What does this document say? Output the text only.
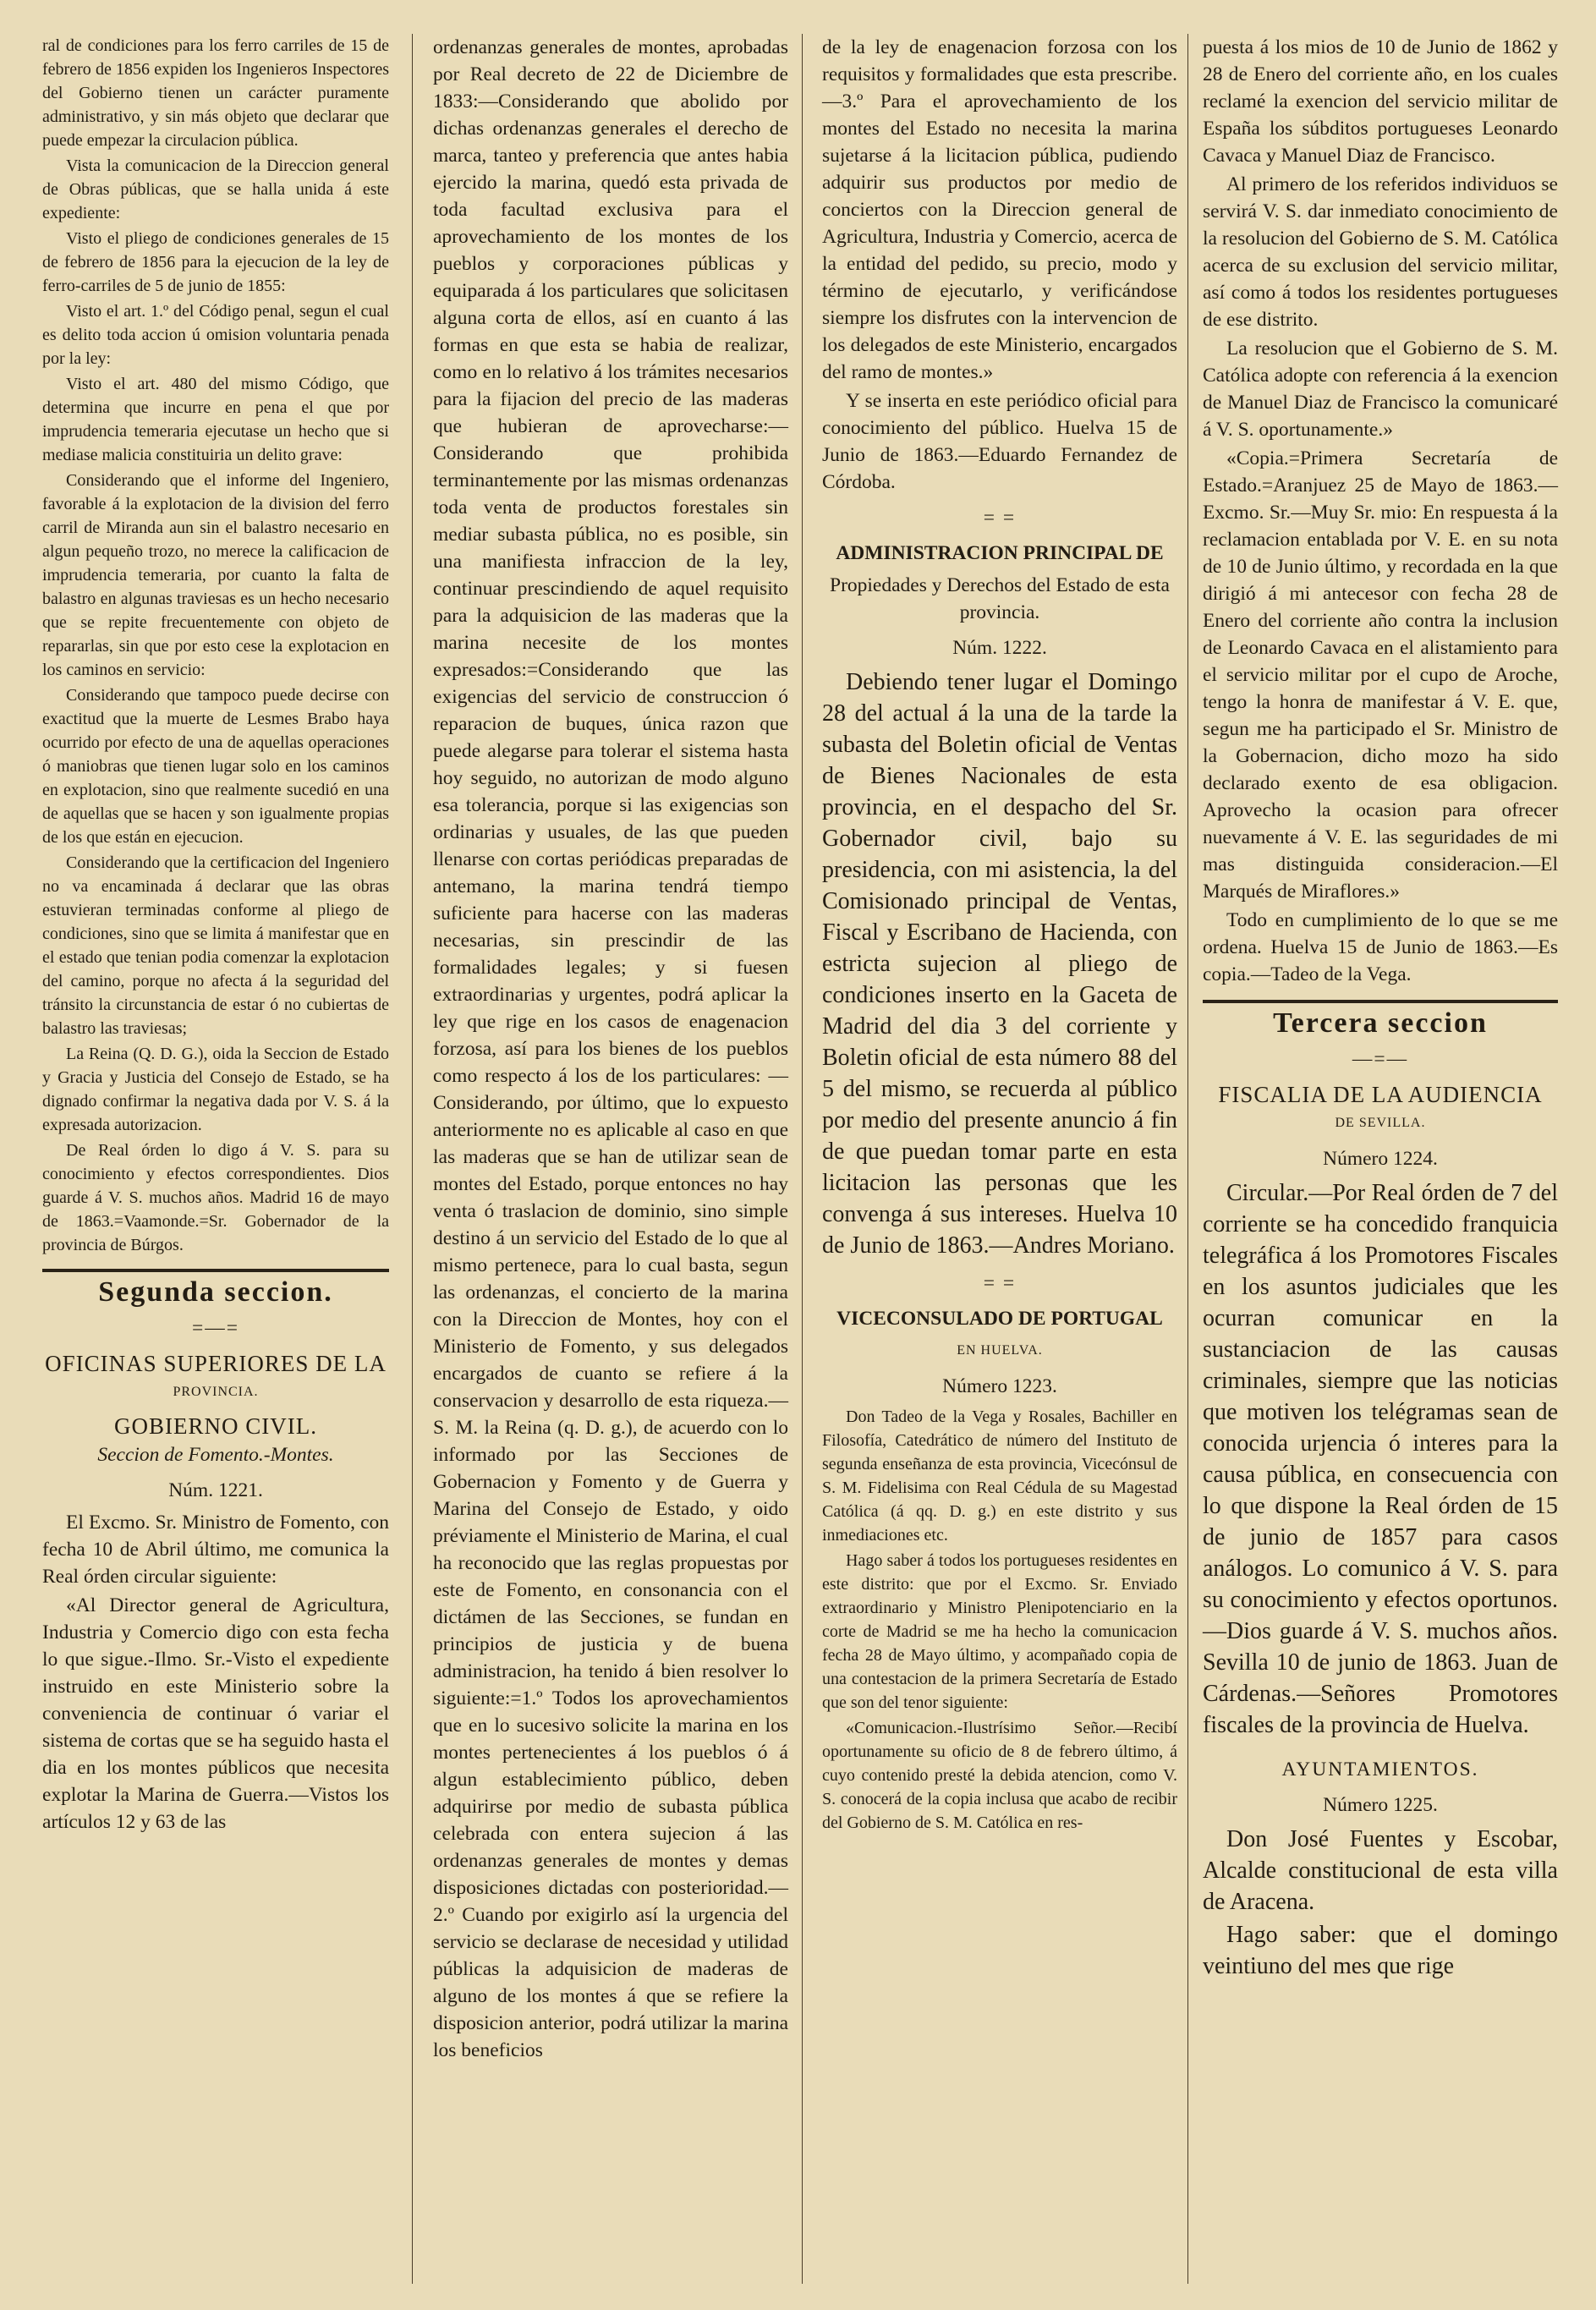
ral de condiciones para los ferro carriles de 15 de febrero de 1856 expiden los Ingenieros Inspectores del Gobierno tienen un carácter puramente administrativo, y sin más objeto que declarar que puede empezar la circulacion pública.

Vista la comunicacion de la Direccion general de Obras públicas, que se halla unida á este expediente:

Visto el pliego de condiciones generales de 15 de febrero de 1856 para la ejecucion de la ley de ferro-carriles de 5 de junio de 1855:

Visto el art. 1.º del Código penal, segun el cual es delito toda accion ú omision voluntaria penada por la ley:

Visto el art. 480 del mismo Código, que determina que incurre en pena el que por imprudencia temeraria ejecutase un hecho que si mediase malicia constituiria un delito grave:

Considerando que el informe del Ingeniero, favorable á la explotacion de la division del ferro carril de Miranda aun sin el balastro necesario en algun pequeño trozo, no merece la calificacion de imprudencia temeraria, por cuanto la falta de balastro en algunas traviesas es un hecho necesario que se repite frecuentemente con objeto de repararlas, sin que por esto cese la explotacion en los caminos en servicio:

Considerando que tampoco puede decirse con exactitud que la muerte de Lesmes Brabo haya ocurrido por efecto de una de aquellas operaciones ó maniobras que tienen lugar solo en los caminos en explotacion, sino que realmente sucedió en una de aquellas que se hacen y son igualmente propias de los que están en ejecucion.

Considerando que la certificacion del Ingeniero no va encaminada á declarar que las obras estuvieran terminadas conforme al pliego de condiciones, sino que se limita á manifestar que en el estado que tenian podia comenzar la explotacion del camino, porque no afecta á la seguridad del tránsito la circunstancia de estar ó no cubiertas de balastro las traviesas;

La Reina (Q. D. G.), oida la Seccion de Estado y Gracia y Justicia del Consejo de Estado, se ha dignado confirmar la negativa dada por V. S. á la expresada autorizacion.

De Real órden lo digo á V. S. para su conocimiento y efectos correspondientes. Dios guarde á V. S. muchos años. Madrid 16 de mayo de 1863.=Vaamonde.=Sr. Gobernador de la provincia de Búrgos.

Segunda seccion.
=—=
OFICINAS SUPERIORES DE LA
PROVINCIA.
GOBIERNO CIVIL.
Seccion de Fomento.-Montes.
Núm. 1221.

El Excmo. Sr. Ministro de Fomento, con fecha 10 de Abril último, me comunica la Real órden circular siguiente:

«Al Director general de Agricultura, Industria y Comercio digo con esta fecha lo que sigue.-Ilmo. Sr.-Visto el expediente instruido en este Ministerio sobre la conveniencia de continuar ó variar el sistema de cortas que se ha seguido hasta el dia en los montes públicos que necesita explotar la Marina de Guerra.—Vistos los artículos 12 y 63 de las

ordenanzas generales de montes, aprobadas por Real decreto de 22 de Diciembre de 1833:—Considerando que abolido por dichas ordenanzas generales el derecho de marca, tanteo y preferencia que antes habia ejercido la marina, quedó esta privada de toda facultad exclusiva para el aprovechamiento de los montes de los pueblos y corporaciones públicas y equiparada á los particulares que solicitasen alguna corta de ellos, así en cuanto á las formas en que esta se habia de realizar, como en lo relativo á los trámites necesarios para la fijacion del precio de las maderas que hubieran de aprovecharse:—Considerando que prohibida terminantemente por las mismas ordenanzas toda venta de productos forestales sin mediar subasta pública, no es posible, sin una manifiesta infraccion de la ley, continuar prescindiendo de aquel requisito para la adquisicion de las maderas que la marina necesite de los montes expresados:=Considerando que las exigencias del servicio de construccion ó reparacion de buques, única razon que puede alegarse para tolerar el sistema hasta hoy seguido, no autorizan de modo alguno esa tolerancia, porque si las exigencias son ordinarias y usuales, de las que pueden llenarse con cortas periódicas preparadas de antemano, la marina tendrá tiempo suficiente para hacerse con las maderas necesarias, sin prescindir de las formalidades legales; y si fuesen extraordinarias y urgentes, podrá aplicar la ley que rige en los casos de enagenacion forzosa, así para los bienes de los pueblos como respecto á los de los particulares: —Considerando, por último, que lo expuesto anteriormente no es aplicable al caso en que las maderas que se han de utilizar sean de montes del Estado, porque entonces no hay venta ó traslacion de dominio, sino simple destino á un servicio del Estado de lo que al mismo pertenece, para lo cual basta, segun las ordenanzas, el concierto de la marina con la Direccion de Montes, hoy con el Ministerio de Fomento, y sus delegados encargados de cuanto se refiere á la conservacion y desarrollo de esta riqueza.—S. M. la Reina (q. D. g.), de acuerdo con lo informado por las Secciones de Gobernacion y Fomento y de Guerra y Marina del Consejo de Estado, y oido préviamente el Ministerio de Marina, el cual ha reconocido que las reglas propuestas por este de Fomento, en consonancia con el dictámen de las Secciones, se fundan en principios de justicia y de buena administracion, ha tenido á bien resolver lo siguiente:=1.º Todos los aprovechamientos que en lo sucesivo solicite la marina en los montes pertenecientes á los pueblos ó á algun establecimiento público, deben adquirirse por medio de subasta pública celebrada con entera sujecion á las ordenanzas generales de montes y demas disposiciones dictadas con posterioridad.—2.º Cuando por exigirlo así la urgencia del servicio se declarase de necesidad y utilidad públicas la adquisicion de maderas de alguno de los montes á que se refiere la disposicion anterior, podrá utilizar la marina los beneficios

de la ley de enagenacion forzosa con los requisitos y formalidades que esta prescribe.—3.º Para el aprovechamiento de los montes del Estado no necesita la marina sujetarse á la licitacion pública, pudiendo adquirir sus productos por medio de conciertos con la Direccion general de Agricultura, Industria y Comercio, acerca de la entidad del pedido, su precio, modo y término de ejecutarlo, y verificándose siempre los disfrutes con la intervencion de los delegados de este Ministerio, encargados del ramo de montes.»

Y se inserta en este periódico oficial para conocimiento del público. Huelva 15 de Junio de 1863.—Eduardo Fernandez de Córdoba.

= =
ADMINISTRACION PRINCIPAL DE
Propiedades y Derechos del Estado de esta provincia.
Núm. 1222.

Debiendo tener lugar el Domingo 28 del actual á la una de la tarde la subasta del Boletin oficial de Ventas de Bienes Nacionales de esta provincia, en el despacho del Sr. Gobernador civil, bajo su presidencia, con mi asistencia, la del Comisionado principal de Ventas, Fiscal y Escribano de Hacienda, con estricta sujecion al pliego de condiciones inserto en la Gaceta de Madrid del dia 3 del corriente y Boletin oficial de esta número 88 del 5 del mismo, se recuerda al público por medio del presente anuncio á fin de que puedan tomar parte en esta licitacion las personas que les convenga á sus intereses. Huelva 10 de Junio de 1863.—Andres Moriano.

= =
VICECONSULADO DE PORTUGAL
EN HUELVA.
Número 1223.

Don Tadeo de la Vega y Rosales, Bachiller en Filosofía, Catedrático de número del Instituto de segunda enseñanza de esta provincia, Vicecónsul de S. M. Fidelisima con Real Cédula de su Magestad Católica (á qq. D. g.) en este distrito y sus inmediaciones etc.

Hago saber á todos los portugueses residentes en este distrito: que por el Excmo. Sr. Enviado extraordinario y Ministro Plenipotenciario en la corte de Madrid se me ha hecho la comunicacion fecha 28 de Mayo último, y acompañado copia de una contestacion de la primera Secretaría de Estado que son del tenor siguiente:

«Comunicacion.-Ilustrísimo Señor.—Recibí oportunamente su oficio de 8 de febrero último, á cuyo contenido presté la debida atencion, como V. S. conocerá de la copia inclusa que acabo de recibir del Gobierno de S. M. Católica en res-

puesta á los mios de 10 de Junio de 1862 y 28 de Enero del corriente año, en los cuales reclamé la exencion del servicio militar de España los súbditos portugueses Leonardo Cavaca y Manuel Diaz de Francisco.

Al primero de los referidos individuos se servirá V. S. dar inmediato conocimiento de la resolucion del Gobierno de S. M. Católica acerca de su exclusion del servicio militar, así como á todos los residentes portugueses de ese distrito.

La resolucion que el Gobierno de S. M. Católica adopte con referencia á la exencion de Manuel Diaz de Francisco la comunicaré á V. S. oportunamente.»

«Copia.=Primera Secretaría de Estado.=Aranjuez 25 de Mayo de 1863.—Excmo. Sr.—Muy Sr. mio: En respuesta á la reclamacion entablada por V. E. en su nota de 10 de Junio último, y recordada en la que dirigió á mi antecesor con fecha 28 de Enero del corriente año contra la inclusion de Leonardo Cavaca en el alistamiento para el servicio militar por el cupo de Aroche, tengo la honra de manifestar á V. E. que, segun me ha participado el Sr. Ministro de la Gobernacion, dicho mozo ha sido declarado exento de esa obligacion. Aprovecho la ocasion para ofrecer nuevamente á V. E. las seguridades de mi mas distinguida consideracion.—El Marqués de Miraflores.»

Todo en cumplimiento de lo que se me ordena. Huelva 15 de Junio de 1863.—Es copia.—Tadeo de la Vega.

Tercera seccion
—=—
FISCALIA DE LA AUDIENCIA
DE SEVILLA.
Número 1224.

Circular.—Por Real órden de 7 del corriente se ha concedido franquicia telegráfica á los Promotores Fiscales en los asuntos judiciales que les ocurran comunicar en la sustanciacion de las causas criminales, siempre que las noticias que motiven los telégramas sean de conocida urjencia ó interes para la causa pública, en consecuencia con lo que dispone la Real órden de 15 de junio de 1857 para casos análogos. Lo comunico á V. S. para su conocimiento y efectos oportunos.—Dios guarde á V. S. muchos años. Sevilla 10 de junio de 1863. Juan de Cárdenas.—Señores Promotores fiscales de la provincia de Huelva.

AYUNTAMIENTOS.
Número 1225.

Don José Fuentes y Escobar, Alcalde constitucional de esta villa de Aracena.

Hago saber: que el domingo veintiuno del mes que rige
